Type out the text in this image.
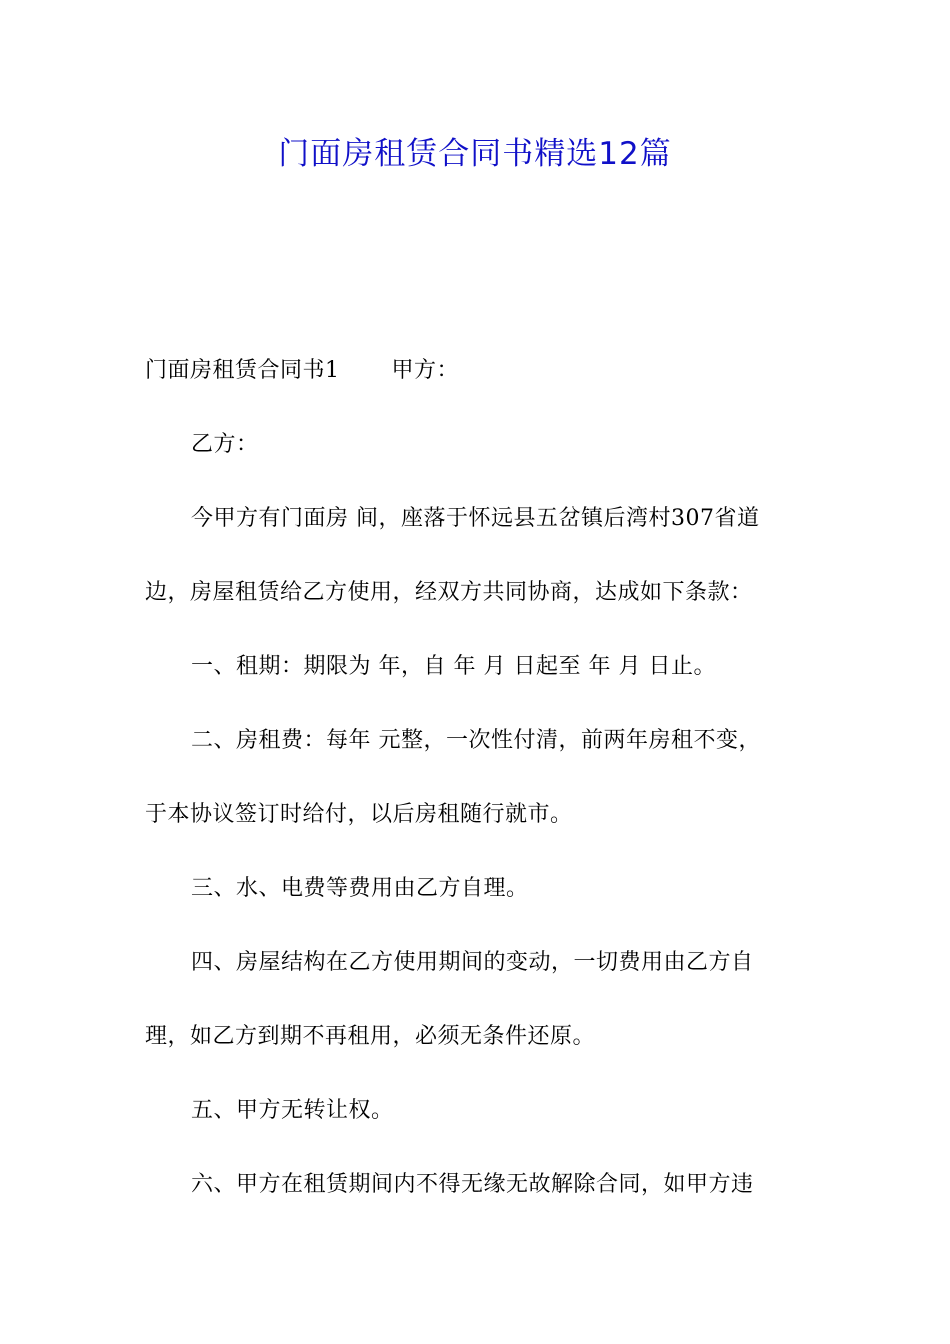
门面房租赁合同书精选12篇

门面房租赁合同书1 甲方：

乙方：

今甲方有门面房 间，座落于怀远县五岔镇后湾村307省道

边，房屋租赁给乙方使用，经双方共同协商，达成如下条款：

一、租期：期限为 年，自 年 月 日起至 年 月 日止。

二、房租费：每年 元整，一次性付清，前两年房租不变，

于本协议签订时给付，以后房租随行就市。

三、水、电费等费用由乙方自理。

四、房屋结构在乙方使用期间的变动，一切费用由乙方自

理，如乙方到期不再租用，必须无条件还原。

五、甲方无转让权。

六、甲方在租赁期间内不得无缘无故解除合同，如甲方违
